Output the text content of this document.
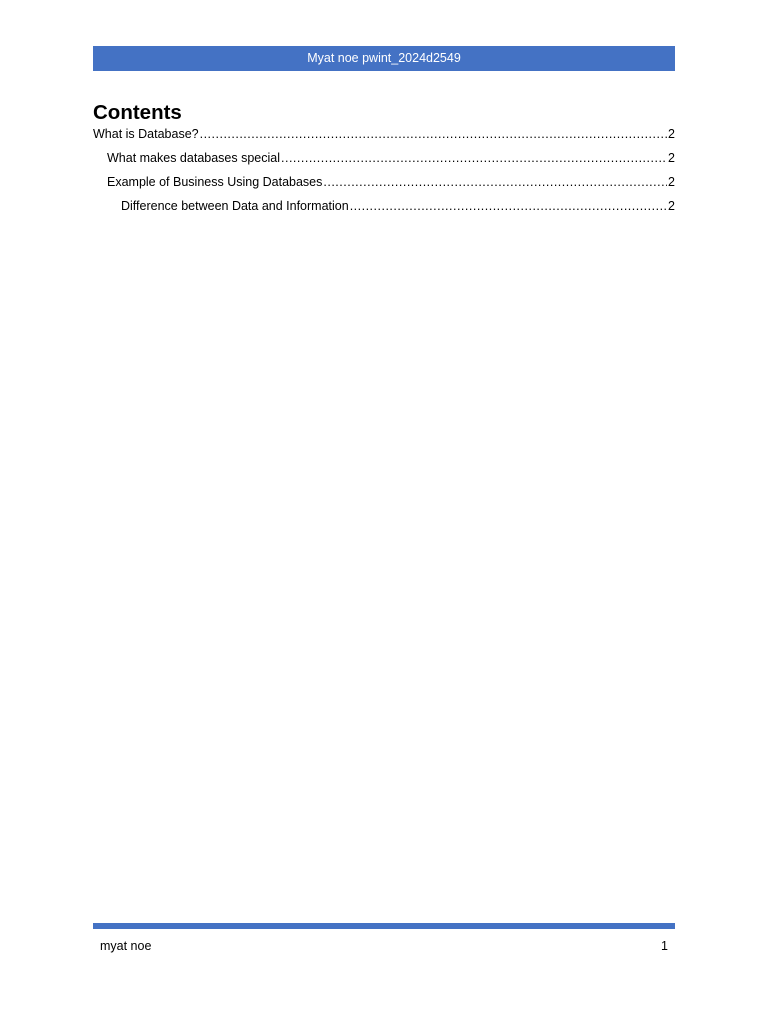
Myat noe pwint_2024d2549
Contents
What is Database? .....	2
What makes databases special .....	2
Example of Business Using Databases .....	2
Difference between Data and Information .....	2
myat noe	1
